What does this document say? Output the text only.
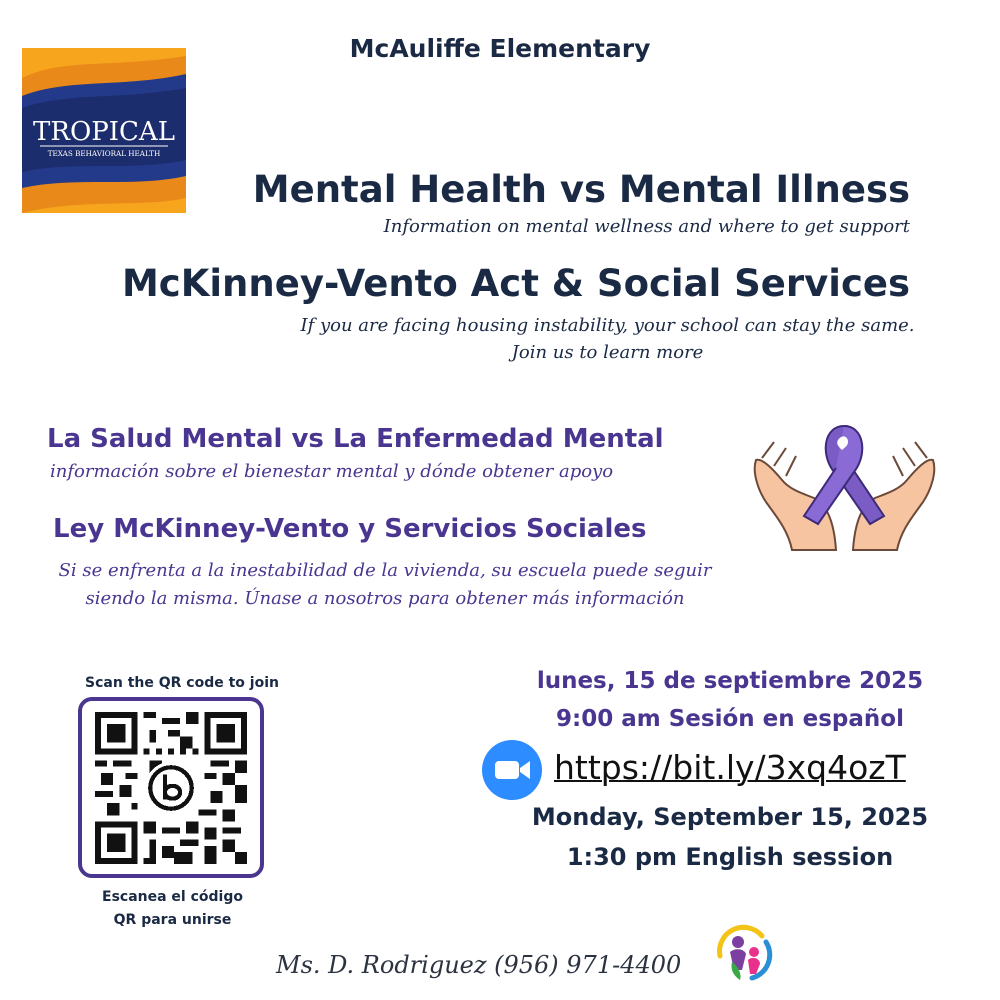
McAuliffe Elementary
TROPICAL
TEXAS BEHAVIORAL HEALTH
Mental Health vs Mental Illness
Information on mental wellness and where to get support
McKinney-Vento Act & Social Services
If you are facing housing instability, your school can stay the same. Join us to learn more
La Salud Mental vs La Enfermedad Mental
información sobre el bienestar mental y dónde obtener apoyo
Ley McKinney-Vento y Servicios Sociales
Si se enfrenta a la inestabilidad de la vivienda, su escuela puede seguir siendo la misma. Únase a nosotros para obtener más información
Scan the QR code to join
Escanea el código
QR para unirse
lunes, 15 de septiembre 2025
9:00 am Sesión en español
https://bit.ly/3xq4ozT
Monday, September 15, 2025
1:30 pm English session
Ms. D. Rodriguez (956) 971-4400
